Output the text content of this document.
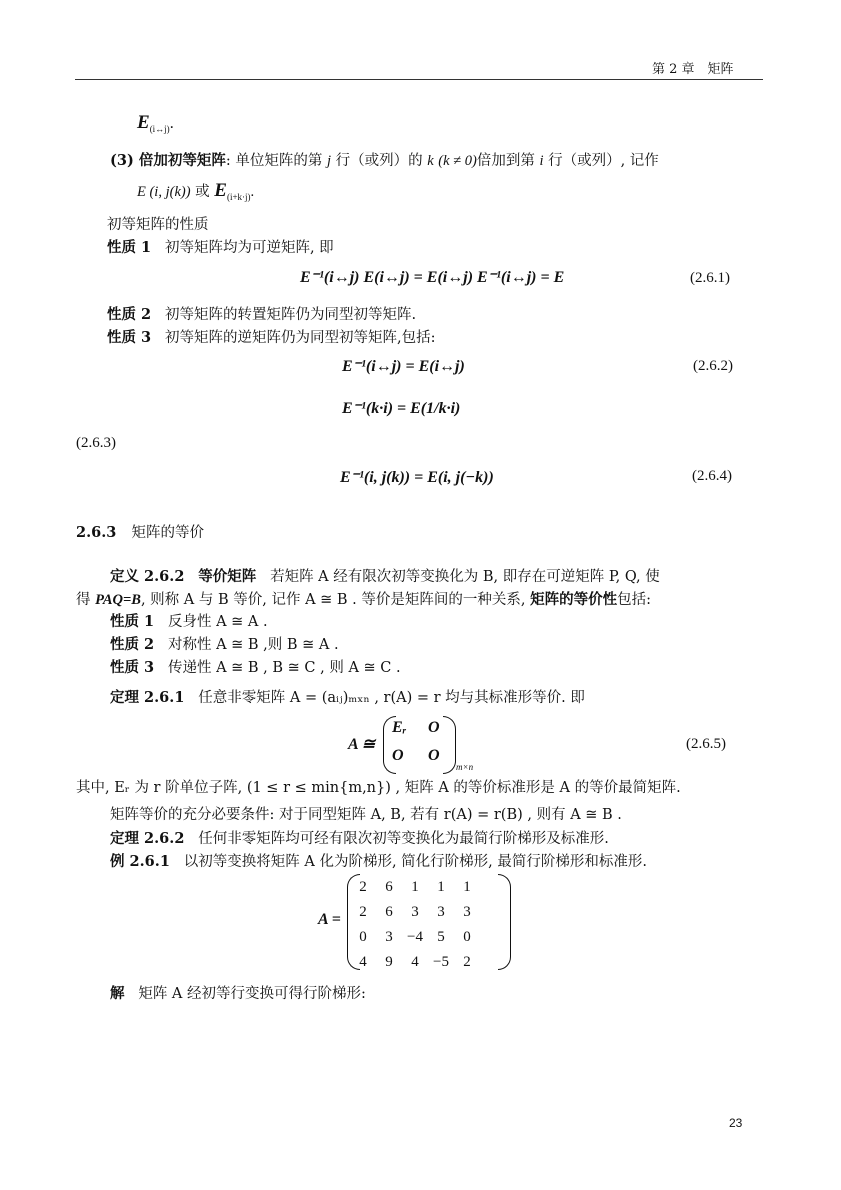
第 2 章　矩阵
$E_{(i\leftrightarrow j)}$.
(3) 倍加初等矩阵: 单位矩阵的第 j 行（或列）的 k (k ≠ 0)倍加到第 i 行（或列）, 记作
E (i, j(k)) 或 $E_{(i+k\cdot j)}$.
初等矩阵的性质
性质 1 初等矩阵均为可逆矩阵, 即
E⁻¹(i↔j) E(i↔j) = E(i↔j) E⁻¹(i↔j) = E	(2.6.1)
性质 2 初等矩阵的转置矩阵仍为同型初等矩阵.
性质 3 初等矩阵的逆矩阵仍为同型初等矩阵,包括:
E⁻¹(i↔j) = E(i↔j)	(2.6.2)
E⁻¹(k·i) = E(1/k·i)
(2.6.3)
E⁻¹(i, j(k)) = E(i, j(−k))	(2.6.4)
2.6.3 矩阵的等价
定义 2.6.2 等价矩阵 若矩阵 A 经有限次初等变换化为 B, 即存在可逆矩阵 P, Q, 使
得 PAQ=B, 则称 A 与 B 等价, 记作 A ≅ B . 等价是矩阵间的一种关系, 矩阵的等价性包括:
性质 1 反身性 A ≅ A .
性质 2 对称性 A ≅ B ,则 B ≅ A .
性质 3 传递性 A ≅ B , B ≅ C , 则 A ≅ C .
定理 2.6.1 任意非零矩阵 A = (aᵢⱼ)ₘₓₙ , r(A) = r 均与其标准形等价. 即
A ≅
Eᵣ O
O O
m×n
(2.6.5)
其中, Eᵣ 为 r 阶单位子阵, (1 ≤ r ≤ min{m,n}) , 矩阵 A 的等价标准形是 A 的等价最简矩阵.
矩阵等价的充分必要条件: 对于同型矩阵 A, B, 若有 r(A) = r(B) , 则有 A ≅ B .
定理 2.6.2 任何非零矩阵均可经有限次初等变换化为最简行阶梯形及标准形.
例 2.6.1 以初等变换将矩阵 A 化为阶梯形, 简化行阶梯形, 最简行阶梯形和标准形.
A =
2 6 1 1 1
2 6 3 3 3
0 3 −4 5 0
4 9 4 −5 2
解 矩阵 A 经初等行变换可得行阶梯形:
23
